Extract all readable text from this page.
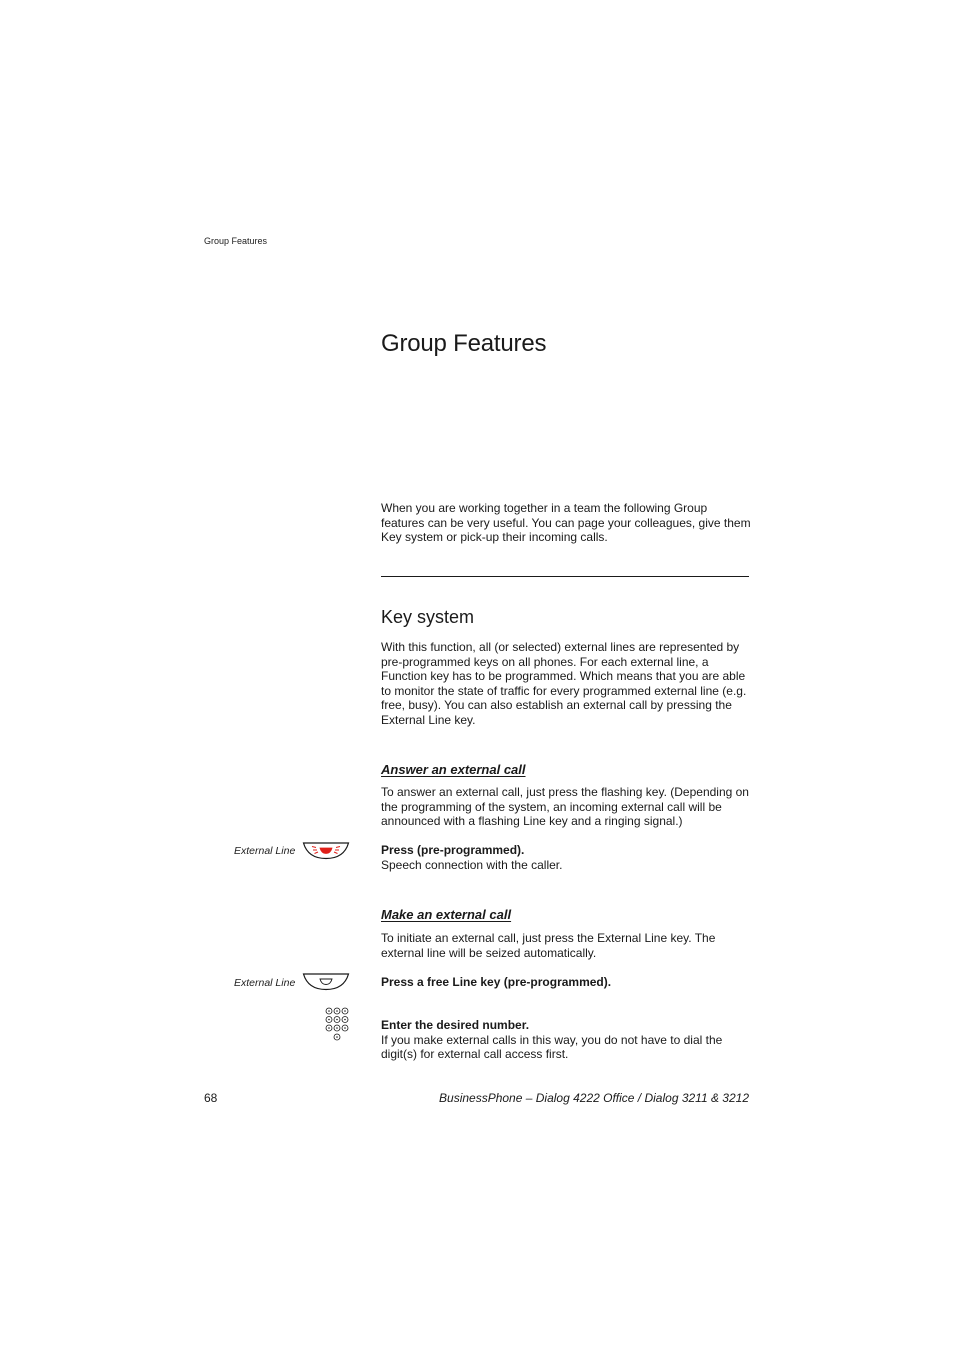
Group Features
Group Features

When you are working together in a team the following Group features can be very useful. You can page your colleagues, give them Key system or pick-up their incoming calls.

Key system

With this function, all (or selected) external lines are represented by pre-programmed keys on all phones. For each external line, a Function key has to be programmed. Which means that you are able to monitor the state of traffic for every programmed external line (e.g. free, busy). You can also establish an external call by pressing the External Line key.

Answer an external call

To answer an external call, just press the flashing key. (Depending on the programming of the system, an incoming external call will be announced with a flashing Line key and a ringing signal.)

External Line	Press (pre-programmed).
Speech connection with the caller.
Make an external call

To initiate an external call, just press the External Line key. The external line will be seized automatically.

External Line	Press a free Line key (pre-programmed).
Enter the desired number.
If you make external calls in this way, you do not have to dial the digit(s) for external call access first.
68	BusinessPhone – Dialog 4222 Office / Dialog 3211 & 3212
